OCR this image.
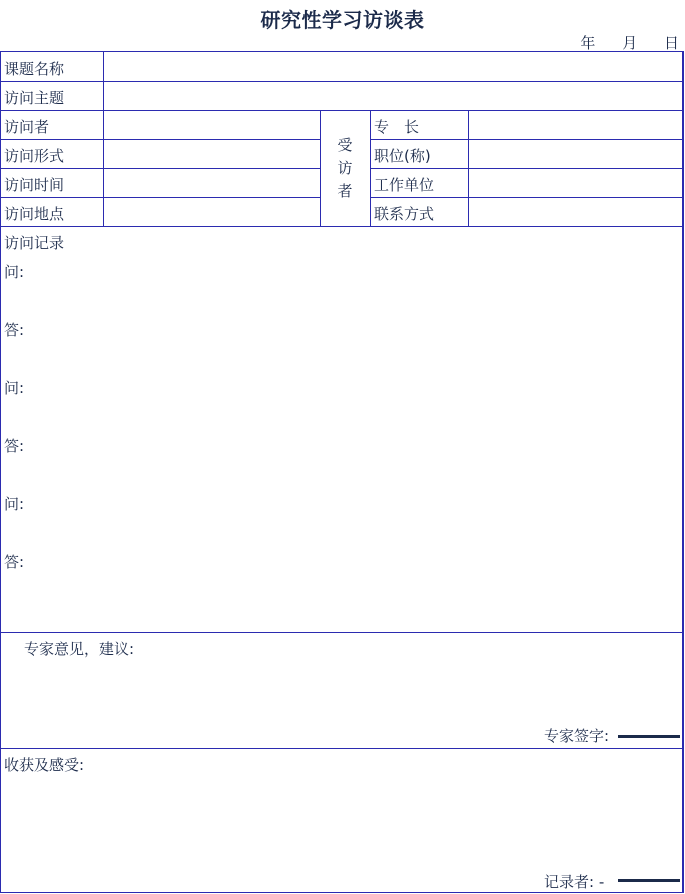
研究性学习访谈表
年 月 日
课题名称
访问主题
访问者
访问形式
访问时间
访问地点
受
访
者
专　长
职位(称)
工作单位
联系方式
访问记录
问:
答:
问:
答:
问:
答:
专家意见，建议:
专家签字:
收获及感受:
记录者: -
